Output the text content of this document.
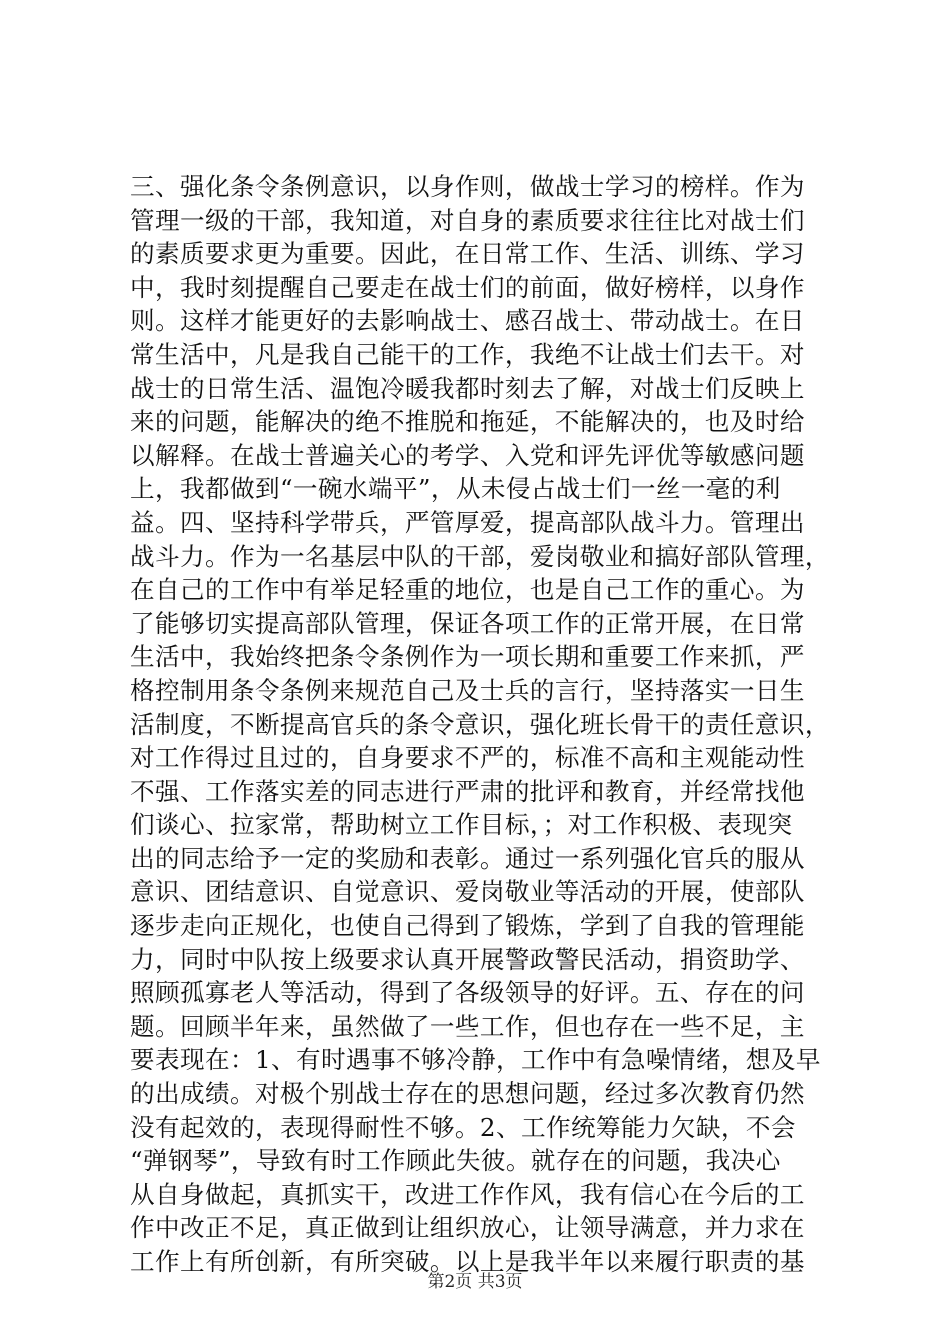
三、强化条令条例意识，以身作则，做战士学习的榜样。作为
管理一级的干部，我知道，对自身的素质要求往往比对战士们
的素质要求更为重要。因此，在日常工作、生活、训练、学习
中，我时刻提醒自己要走在战士们的前面，做好榜样，以身作
则。这样才能更好的去影响战士、感召战士、带动战士。在日
常生活中，凡是我自己能干的工作，我绝不让战士们去干。对
战士的日常生活、温饱冷暖我都时刻去了解，对战士们反映上
来的问题，能解决的绝不推脱和拖延，不能解决的，也及时给
以解释。在战士普遍关心的考学、入党和评先评优等敏感问题
上，我都做到“一碗水端平”，从未侵占战士们一丝一毫的利
益。四、坚持科学带兵，严管厚爱，提高部队战斗力。管理出
战斗力。作为一名基层中队的干部，爱岗敬业和搞好部队管理，
在自己的工作中有举足轻重的地位，也是自己工作的重心。为
了能够切实提高部队管理，保证各项工作的正常开展，在日常
生活中，我始终把条令条例作为一项长期和重要工作来抓，严
格控制用条令条例来规范自己及士兵的言行，坚持落实一日生
活制度，不断提高官兵的条令意识，强化班长骨干的责任意识，
对工作得过且过的，自身要求不严的，标准不高和主观能动性
不强、工作落实差的同志进行严肃的批评和教育，并经常找他
们谈心、拉家常，帮助树立工作目标，；对工作积极、表现突
出的同志给予一定的奖励和表彰。通过一系列强化官兵的服从
意识、团结意识、自觉意识、爱岗敬业等活动的开展，使部队
逐步走向正规化，也使自己得到了锻炼，学到了自我的管理能
力，同时中队按上级要求认真开展警政警民活动，捐资助学、
照顾孤寡老人等活动，得到了各级领导的好评。五、存在的问
题。回顾半年来，虽然做了一些工作，但也存在一些不足，主
要表现在：1、有时遇事不够冷静，工作中有急噪情绪，想及早
的出成绩。对极个别战士存在的思想问题，经过多次教育仍然
没有起效的，表现得耐性不够。2、工作统筹能力欠缺，不会
“弹钢琴”，导致有时工作顾此失彼。就存在的问题，我决心
从自身做起，真抓实干，改进工作作风，我有信心在今后的工
作中改正不足，真正做到让组织放心，让领导满意，并力求在
工作上有所创新，有所突破。以上是我半年以来履行职责的基
第2页 共3页
